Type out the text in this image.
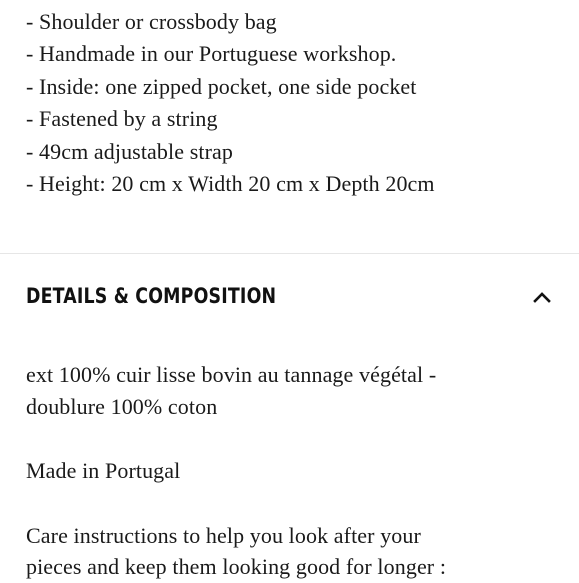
- Shoulder or crossbody bag
- Handmade in our Portuguese workshop.
- Inside: one zipped pocket, one side pocket
- Fastened by a string
- 49cm adjustable strap
- Height: 20 cm x Width 20 cm x Depth 20cm
DETAILS & COMPOSITION

ext 100% cuir lisse bovin au tannage végétal -

doublure 100% coton

Made in Portugal

Care instructions to help you look after your

pieces and keep them looking good for longer :
